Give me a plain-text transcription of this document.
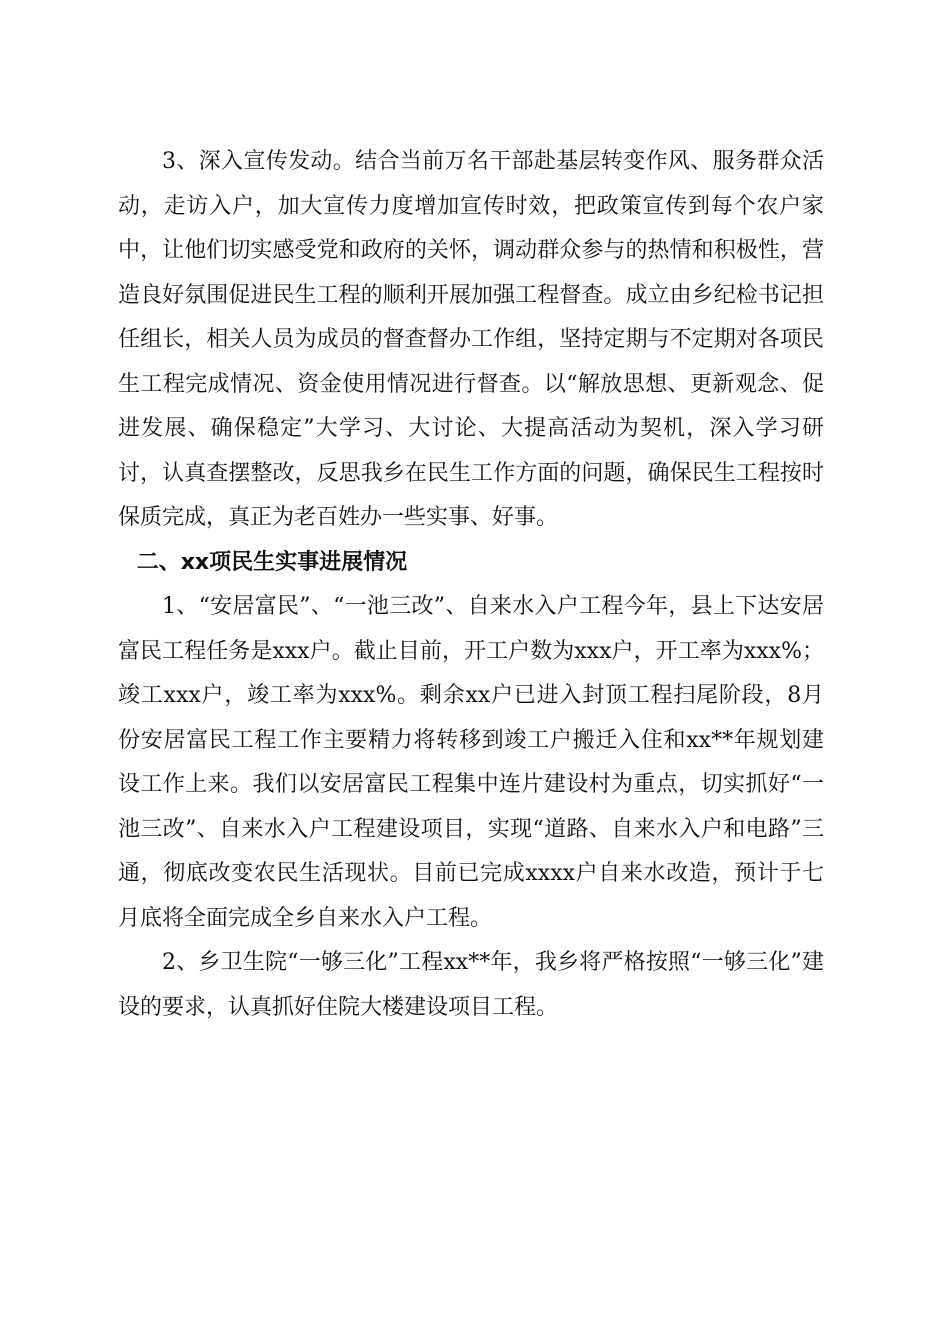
3、深入宣传发动。结合当前万名干部赴基层转变作风、服务群众活动，走访入户，加大宣传力度增加宣传时效，把政策宣传到每个农户家中，让他们切实感受党和政府的关怀，调动群众参与的热情和积极性，营造良好氛围促进民生工程的顺利开展加强工程督查。成立由乡纪检书记担任组长，相关人员为成员的督查督办工作组，坚持定期与不定期对各项民生工程完成情况、资金使用情况进行督查。以“解放思想、更新观念、促进发展、确保稳定”大学习、大讨论、大提高活动为契机，深入学习研讨，认真查摆整改，反思我乡在民生工作方面的问题，确保民生工程按时保质完成，真正为老百姓办一些实事、好事。

二、xx项民生实事进展情况

1、“安居富民”、“一池三改”、自来水入户工程今年，县上下达安居富民工程任务是xxx户。截止目前，开工户数为xxx户，开工率为xxx%；竣工xxx户，竣工率为xxx%。剩余xx户已进入封顶工程扫尾阶段，8月份安居富民工程工作主要精力将转移到竣工户搬迁入住和xx**年规划建设工作上来。我们以安居富民工程集中连片建设村为重点，切实抓好“一池三改”、自来水入户工程建设项目，实现“道路、自来水入户和电路”三通，彻底改变农民生活现状。目前已完成xxxx户自来水改造，预计于七月底将全面完成全乡自来水入户工程。

2、乡卫生院“一够三化”工程xx**年，我乡将严格按照“一够三化”建设的要求，认真抓好住院大楼建设项目工程。
